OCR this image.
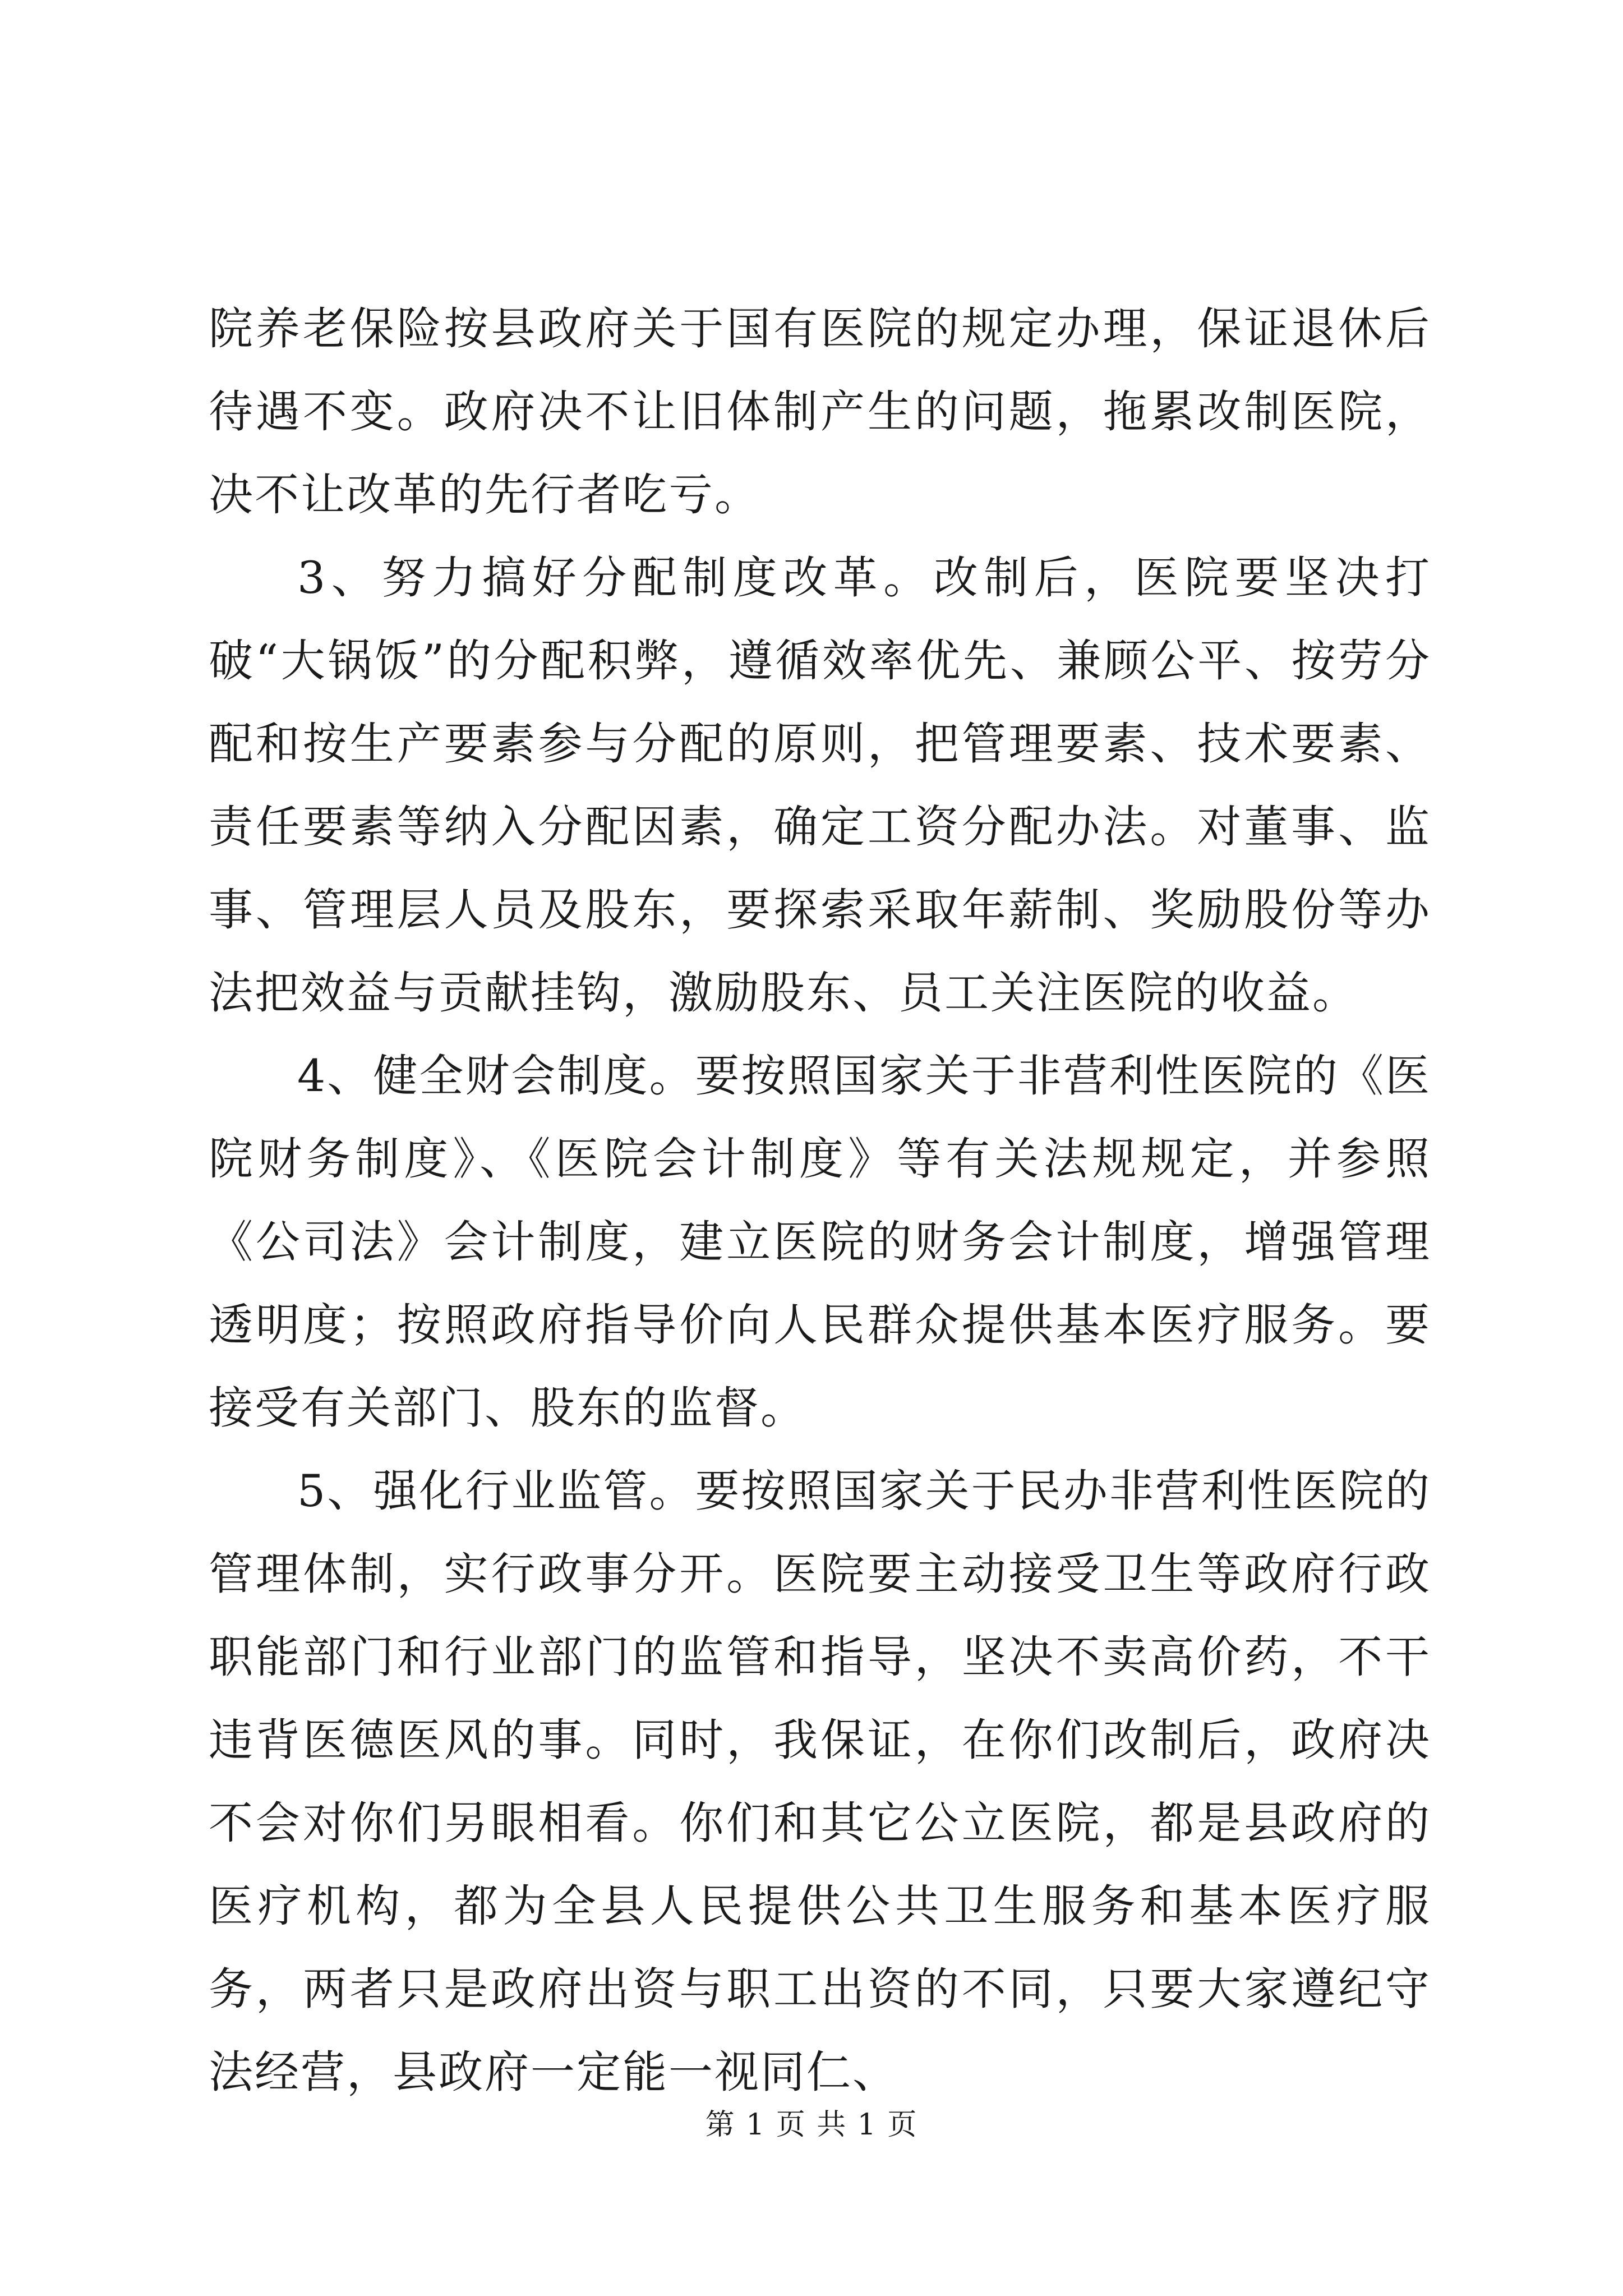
院养老保险按县政府关于国有医院的规定办理，保证退休后待遇不变。政府决不让旧体制产生的问题，拖累改制医院，决不让改革的先行者吃亏。

3、努力搞好分配制度改革。改制后，医院要坚决打破“大锅饭”的分配积弊，遵循效率优先、兼顾公平、按劳分配和按生产要素参与分配的原则，把管理要素、技术要素、责任要素等纳入分配因素，确定工资分配办法。对董事、监事、管理层人员及股东，要探索采取年薪制、奖励股份等办法把效益与贡献挂钩，激励股东、员工关注医院的收益。

4、健全财会制度。要按照国家关于非营利性医院的《医院财务制度》、《医院会计制度》等有关法规规定，并参照《公司法》会计制度，建立医院的财务会计制度，增强管理透明度；按照政府指导价向人民群众提供基本医疗服务。要接受有关部门、股东的监督。

5、强化行业监管。要按照国家关于民办非营利性医院的管理体制，实行政事分开。医院要主动接受卫生等政府行政职能部门和行业部门的监管和指导，坚决不卖高价药，不干违背医德医风的事。同时，我保证，在你们改制后，政府决不会对你们另眼相看。你们和其它公立医院，都是县政府的医疗机构，都为全县人民提供公共卫生服务和基本医疗服务，两者只是政府出资与职工出资的不同，只要大家遵纪守法经营，县政府一定能一视同仁、

第 1 页 共 1 页
